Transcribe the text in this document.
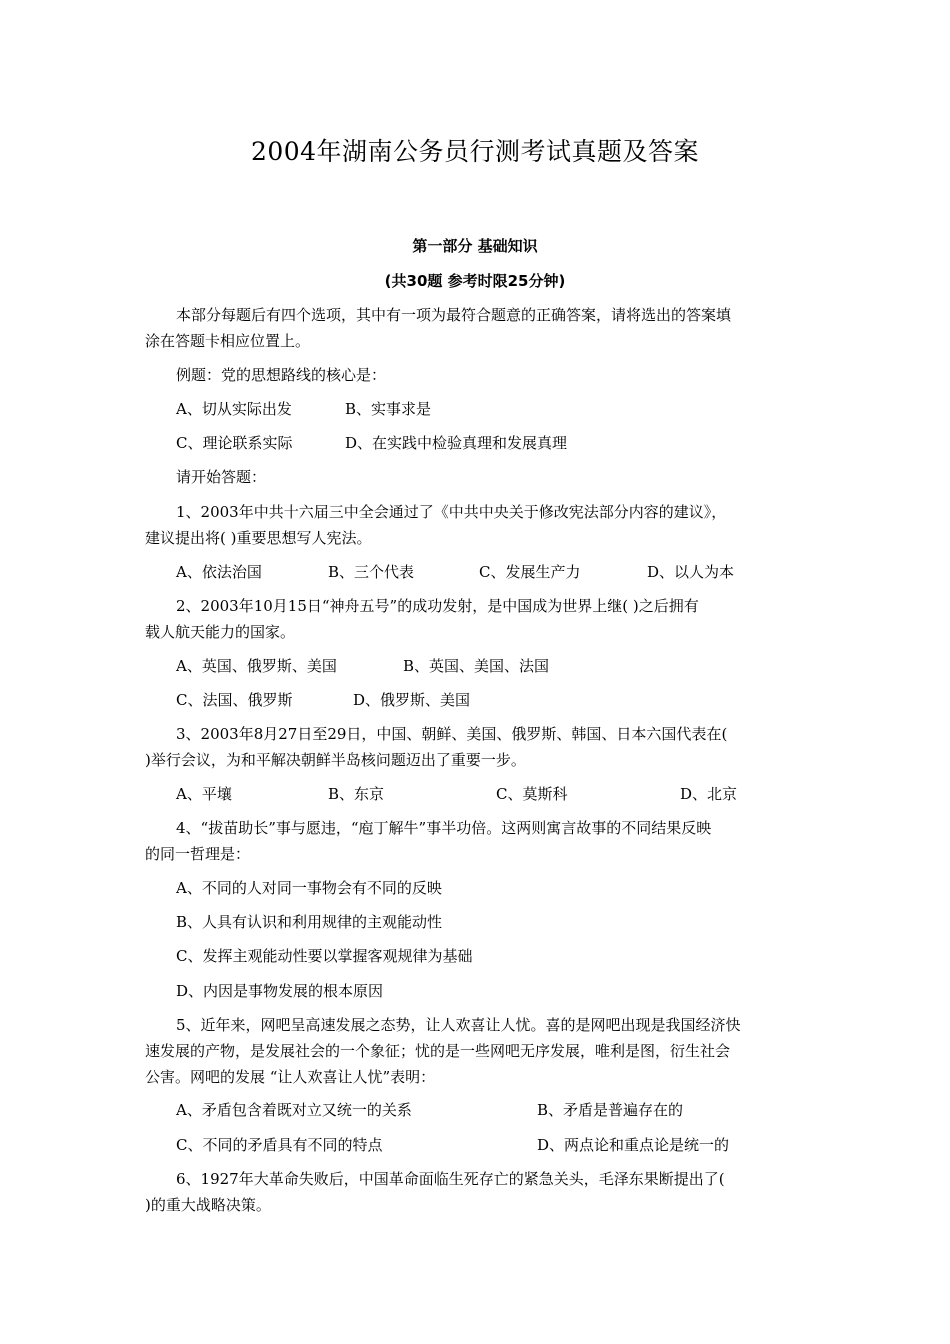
2004年湖南公务员行测考试真题及答案
第一部分 基础知识
(共30题 参考时限25分钟)
本部分每题后有四个选项，其中有一项为最符合题意的正确答案，请将选出的答案填
涂在答题卡相应位置上。
例题：党的思想路线的核心是：
A、切从实际出发	B、实事求是
C、理论联系实际	D、在实践中检验真理和发展真理
请开始答题：
1、2003年中共十六届三中全会通过了《中共中央关于修改宪法部分内容的建议》，
建议提出将( )重要思想写人宪法。
A、依法治国	B、三个代表	C、发展生产力	D、以人为本
2、2003年10月15日“神舟五号”的成功发射，是中国成为世界上继( )之后拥有
载人航天能力的国家。
A、英国、俄罗斯、美国	B、英国、美国、法国
C、法国、俄罗斯	D、俄罗斯、美国
3、2003年8月27日至29日，中国、朝鲜、美国、俄罗斯、韩国、日本六国代表在(
)举行会议，为和平解决朝鲜半岛核问题迈出了重要一步。
A、平壤	B、东京	C、莫斯科	D、北京
4、“拔苗助长”事与愿违，“庖丁解牛”事半功倍。这两则寓言故事的不同结果反映
的同一哲理是：
A、不同的人对同一事物会有不同的反映
B、人具有认识和利用规律的主观能动性
C、发挥主观能动性要以掌握客观规律为基础
D、内因是事物发展的根本原因
5、近年来，网吧呈高速发展之态势，让人欢喜让人忧。喜的是网吧出现是我国经济快
速发展的产物，是发展社会的一个象征；忧的是一些网吧无序发展，唯利是图，衍生社会
公害。网吧的发展 “让人欢喜让人忧”表明：
A、矛盾包含着既对立又统一的关系	B、矛盾是普遍存在的
C、不同的矛盾具有不同的特点	D、两点论和重点论是统一的
6、1927年大革命失败后，中国革命面临生死存亡的紧急关头，毛泽东果断提出了(
)的重大战略决策。
